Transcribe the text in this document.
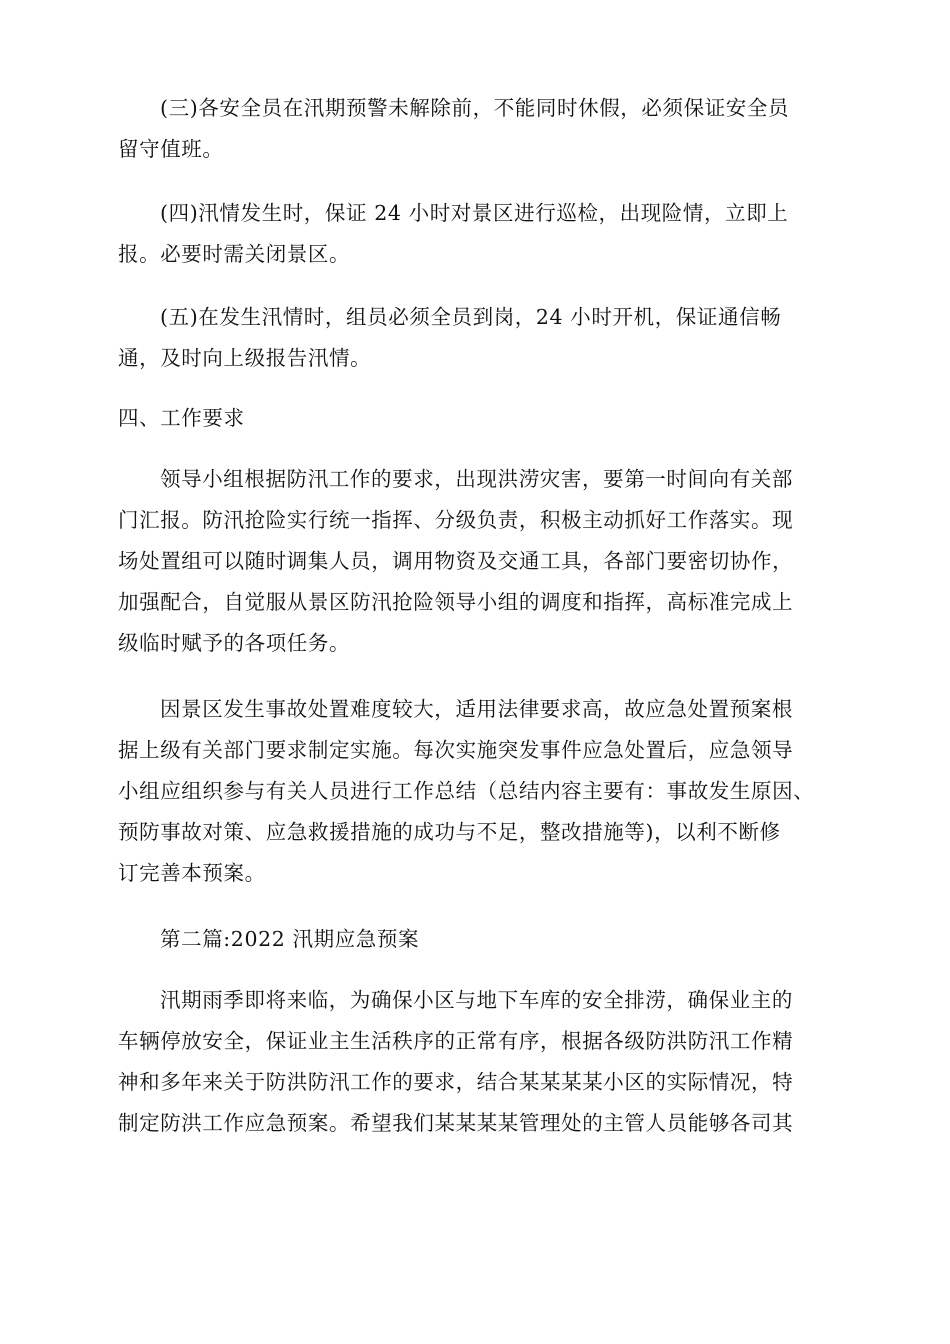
(三)各安全员在汛期预警未解除前，不能同时休假，必须保证安全员
留守值班。
(四)汛情发生时，保证 24 小时对景区进行巡检，出现险情，立即上
报。必要时需关闭景区。
(五)在发生汛情时，组员必须全员到岗，24 小时开机，保证通信畅
通，及时向上级报告汛情。
四、工作要求
领导小组根据防汛工作的要求，出现洪涝灾害，要第一时间向有关部
门汇报。防汛抢险实行统一指挥、分级负责，积极主动抓好工作落实。现
场处置组可以随时调集人员，调用物资及交通工具，各部门要密切协作，
加强配合，自觉服从景区防汛抢险领导小组的调度和指挥，高标准完成上
级临时赋予的各项任务。
因景区发生事故处置难度较大，适用法律要求高，故应急处置预案根
据上级有关部门要求制定实施。每次实施突发事件应急处置后，应急领导
小组应组织参与有关人员进行工作总结（总结内容主要有：事故发生原因、
预防事故对策、应急救援措施的成功与不足，整改措施等)，以利不断修
订完善本预案。
第二篇:2022 汛期应急预案
汛期雨季即将来临，为确保小区与地下车库的安全排涝，确保业主的
车辆停放安全，保证业主生活秩序的正常有序，根据各级防洪防汛工作精
神和多年来关于防洪防汛工作的要求，结合某某某某小区的实际情况，特
制定防洪工作应急预案。希望我们某某某某管理处的主管人员能够各司其
